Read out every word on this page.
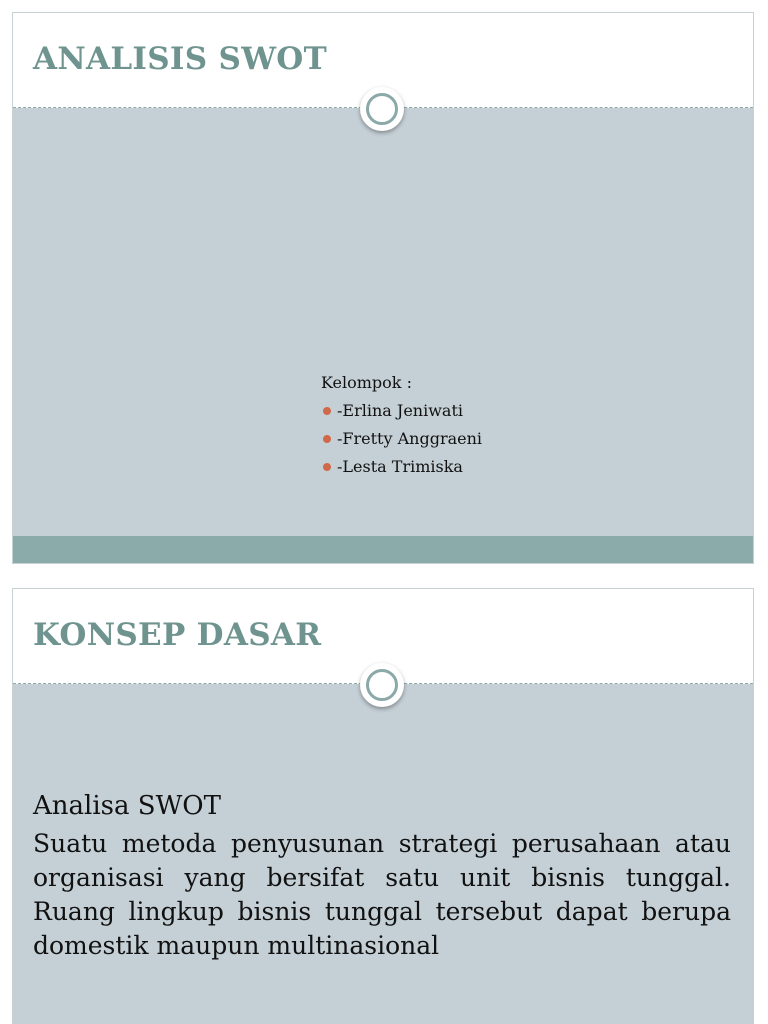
ANALISIS SWOT

Kelompok :

-Erlina Jeniwati
-Fretty Anggraeni
-Lesta Trimiska
KONSEP DASAR

Analisa SWOT

Suatu metoda penyusunan strategi perusahaan atau organisasi yang bersifat satu unit bisnis tunggal. Ruang lingkup bisnis tunggal tersebut dapat berupa domestik maupun multinasional
